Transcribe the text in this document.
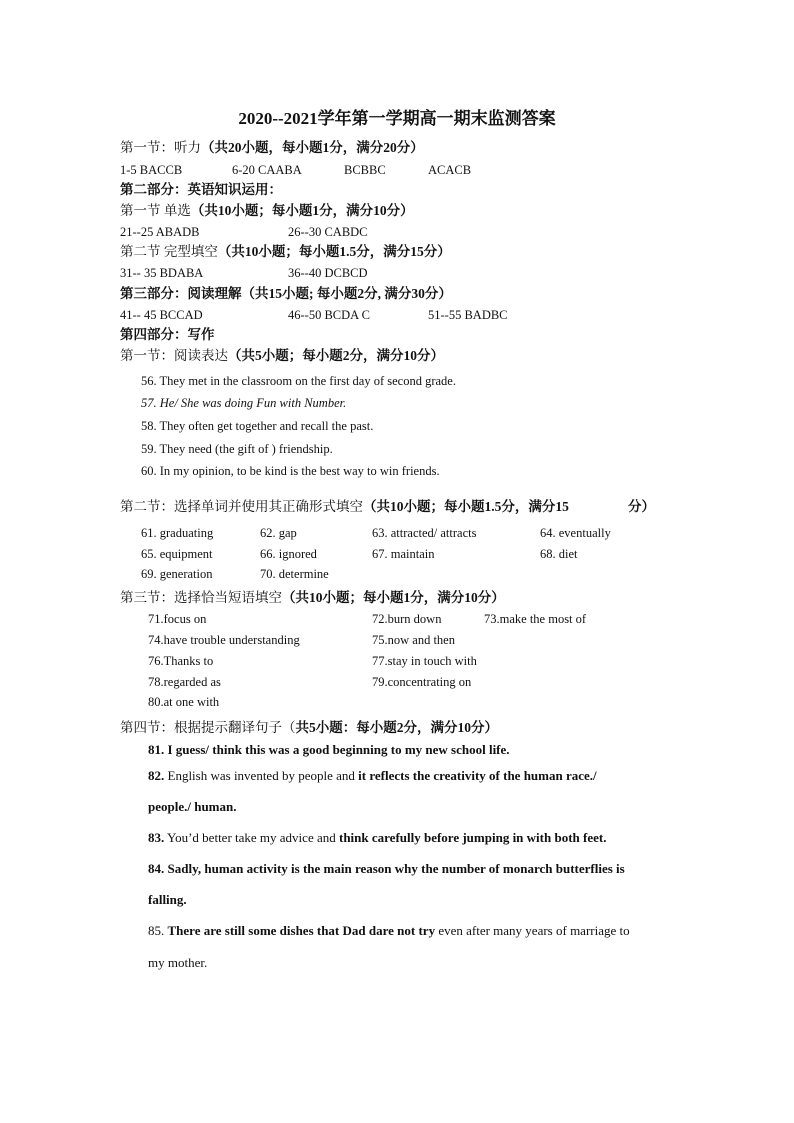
2020--2021学年第一学期高一期末监测答案
第一节：听力（共20小题，每小题1分，满分20分）
1-5 BACCB	6-20 CAABA	BCBBC	ACACB
第二部分：英语知识运用：
第一节 单选（共10小题；每小题1分，满分10分）
21--25 ABADB	26--30 CABDC
第二节 完型填空（共10小题；每小题1.5分，满分15分）
31-- 35 BDABA	36--40 DCBCD
第三部分：阅读理解（共15小题; 每小题2分, 满分30分）
41-- 45 BCCAD	46--50 BCDA C	51--55 BADBC
第四部分：写作
第一节：阅读表达（共5小题；每小题2分，满分10分）
56. They met in the classroom on the first day of second grade.
57. He/ She was doing Fun with Number.
58. They often get together and recall the past.
59. They need (the gift of ) friendship.
60. In my opinion, to be kind is the best way to win friends.
第二节：选择单词并使用其正确形式填空（共10小题；每小题1.5分，满分15	分）
61. graduating	62. gap	63. attracted/ attracts	64. eventually
65. equipment	66. ignored	67. maintain	68. diet
69. generation	70. determine
第三节：选择恰当短语填空（共10小题；每小题1分，满分10分）
71.focus on	72.burn down	73.make the most of
74.have trouble understanding	75.now and then
76.Thanks to	77.stay in touch with
78.regarded as	79.concentrating on
80.at one with
第四节：根据提示翻译句子（共5小题：每小题2分，满分10分）
81. I guess/ think this was a good beginning to my new school life.
82. English was invented by people and it reflects the creativity of the human race./
people./ human.
83. You’d better take my advice and think carefully before jumping in with both feet.
84. Sadly, human activity is the main reason why the number of monarch butterflies is
falling.
85. There are still some dishes that Dad dare not try even after many years of marriage to
my mother.
